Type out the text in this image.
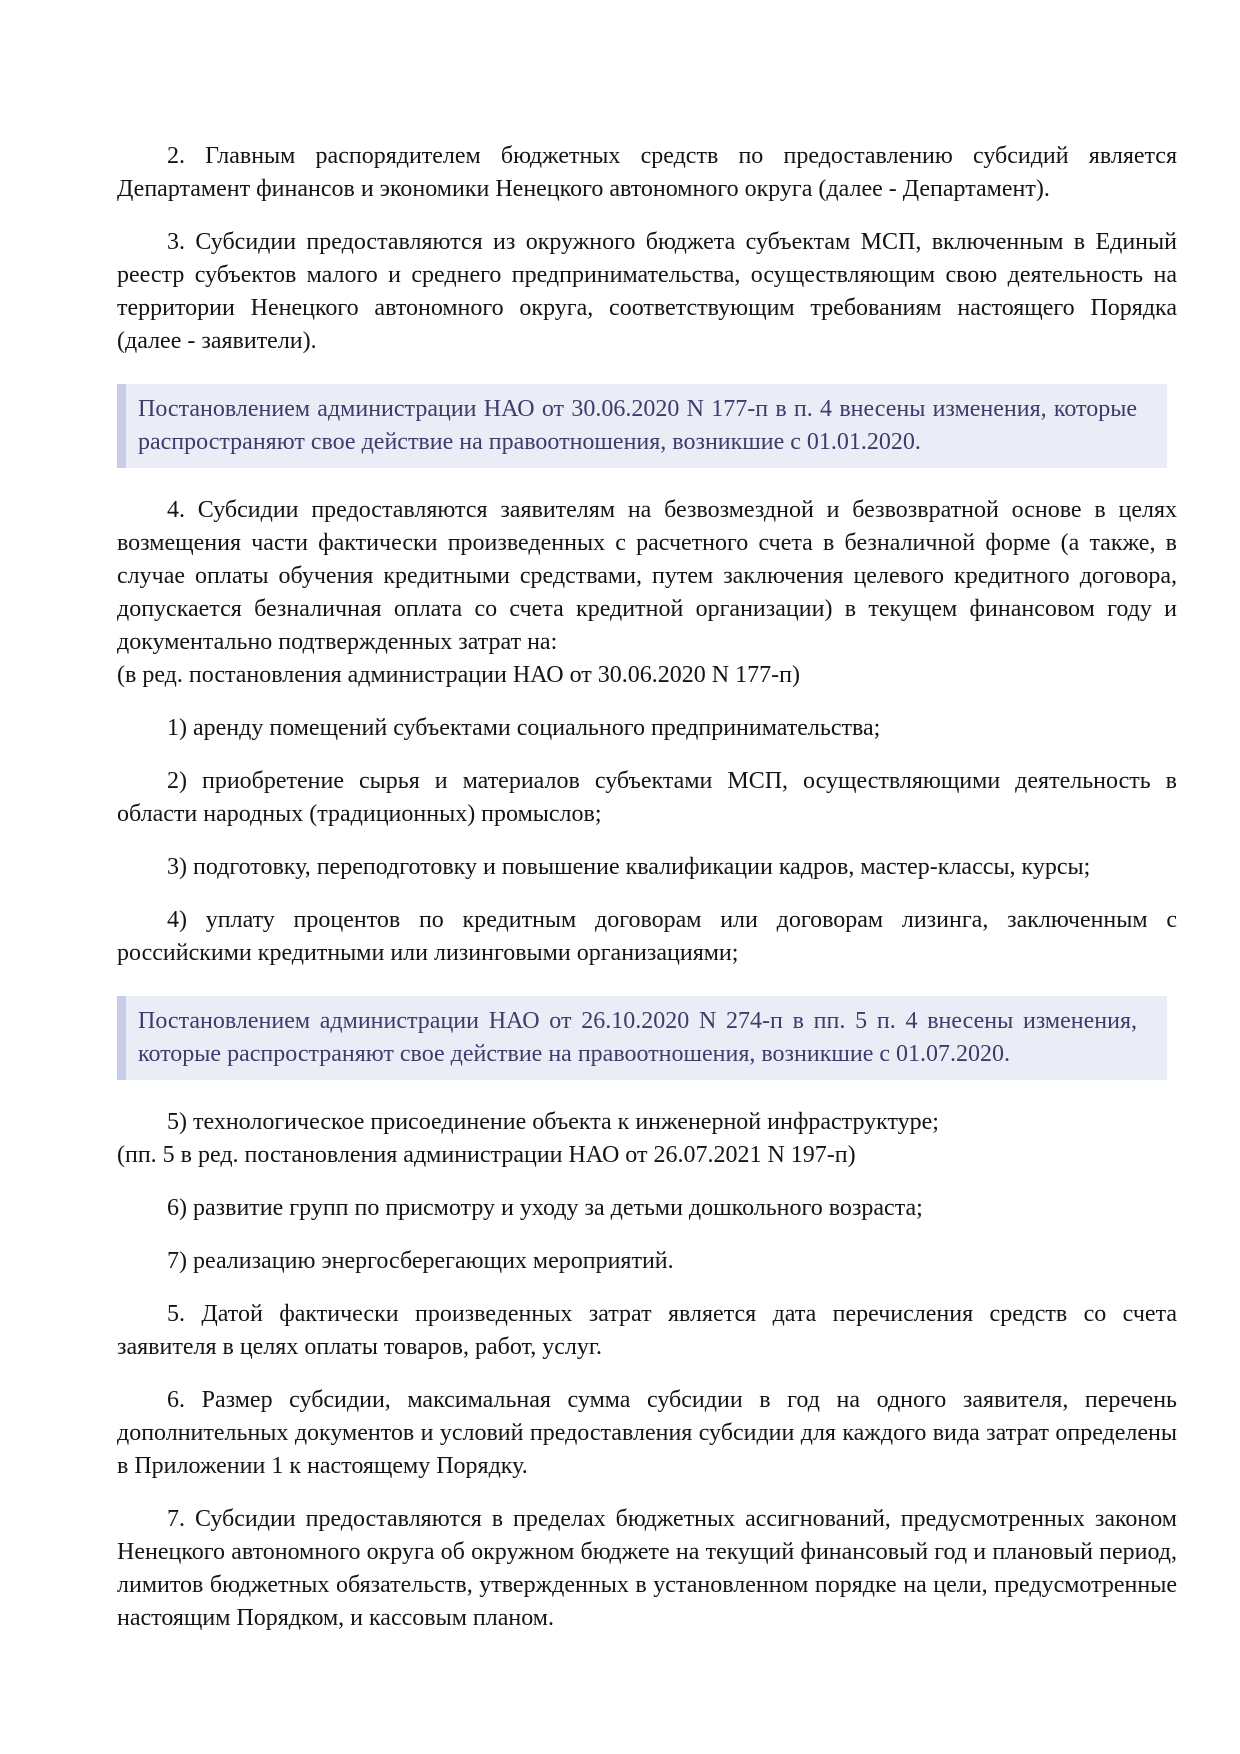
2. Главным распорядителем бюджетных средств по предоставлению субсидий является Департамент финансов и экономики Ненецкого автономного округа (далее - Департамент).

3. Субсидии предоставляются из окружного бюджета субъектам МСП, включенным в Единый реестр субъектов малого и среднего предпринимательства, осуществляющим свою деятельность на территории Ненецкого автономного округа, соответствующим требованиям настоящего Порядка (далее - заявители).

Постановлением администрации НАО от 30.06.2020 N 177-п в п. 4 внесены изменения, которые распространяют свое действие на правоотношения, возникшие с 01.01.2020.

4. Субсидии предоставляются заявителям на безвозмездной и безвозвратной основе в целях возмещения части фактически произведенных с расчетного счета в безналичной форме (а также, в случае оплаты обучения кредитными средствами, путем заключения целевого кредитного договора, допускается безналичная оплата со счета кредитной организации) в текущем финансовом году и документально подтвержденных затрат на:

(в ред. постановления администрации НАО от 30.06.2020 N 177-п)

1) аренду помещений субъектами социального предпринимательства;

2) приобретение сырья и материалов субъектами МСП, осуществляющими деятельность в области народных (традиционных) промыслов;

3) подготовку, переподготовку и повышение квалификации кадров, мастер-классы, курсы;

4) уплату процентов по кредитным договорам или договорам лизинга, заключенным с российскими кредитными или лизинговыми организациями;

Постановлением администрации НАО от 26.10.2020 N 274-п в пп. 5 п. 4 внесены изменения, которые распространяют свое действие на правоотношения, возникшие с 01.07.2020.

5) технологическое присоединение объекта к инженерной инфраструктуре;

(пп. 5 в ред. постановления администрации НАО от 26.07.2021 N 197-п)

6) развитие групп по присмотру и уходу за детьми дошкольного возраста;

7) реализацию энергосберегающих мероприятий.

5. Датой фактически произведенных затрат является дата перечисления средств со счета заявителя в целях оплаты товаров, работ, услуг.

6. Размер субсидии, максимальная сумма субсидии в год на одного заявителя, перечень дополнительных документов и условий предоставления субсидии для каждого вида затрат определены в Приложении 1 к настоящему Порядку.

7. Субсидии предоставляются в пределах бюджетных ассигнований, предусмотренных законом Ненецкого автономного округа об окружном бюджете на текущий финансовый год и плановый период, лимитов бюджетных обязательств, утвержденных в установленном порядке на цели, предусмотренные настоящим Порядком, и кассовым планом.
